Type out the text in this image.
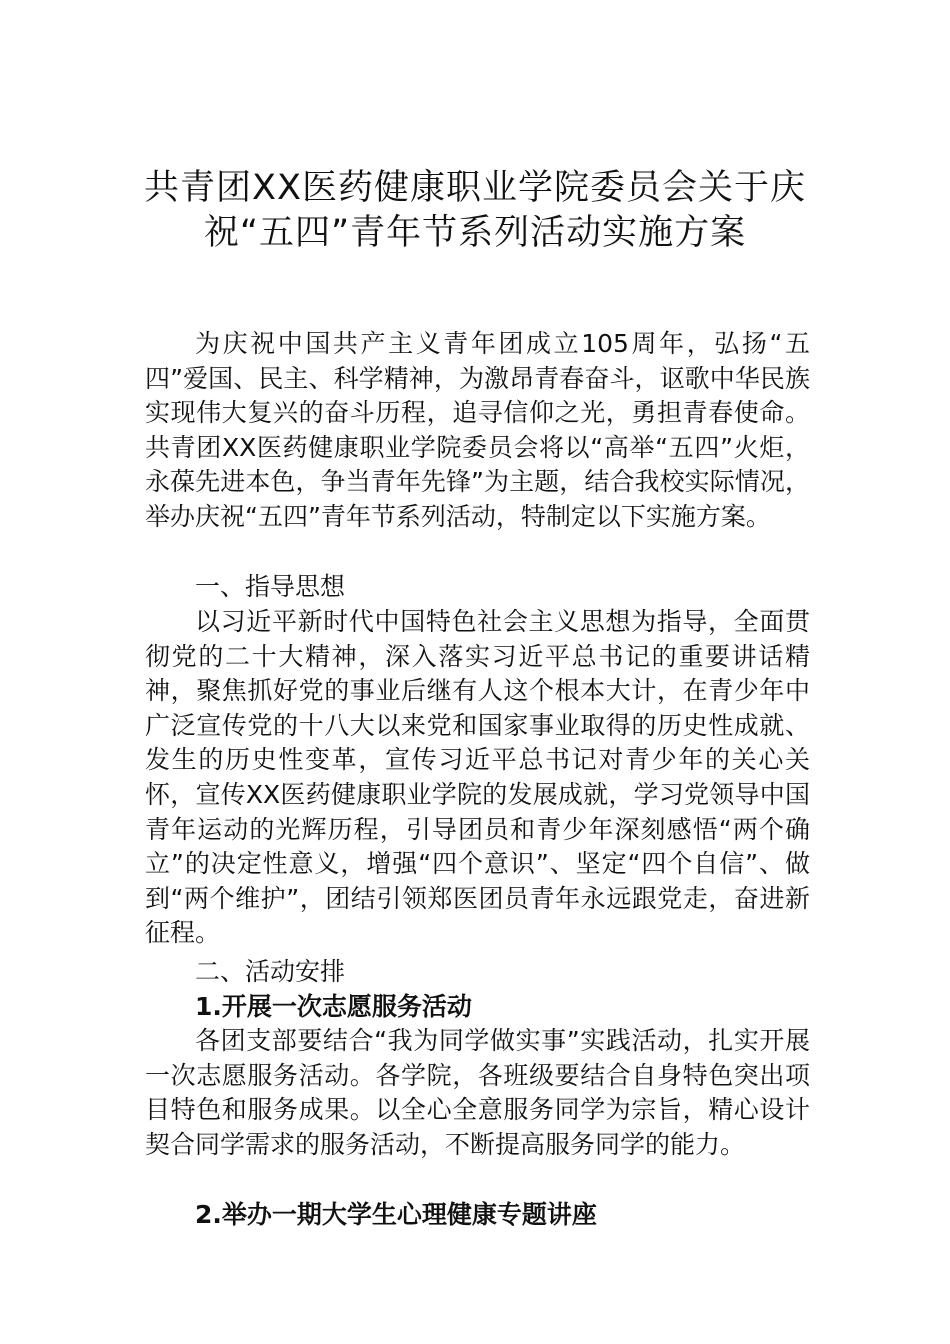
共青团XX医药健康职业学院委员会关于庆
祝“五四”青年节系列活动实施方案

为庆祝中国共产主义青年团成立105周年，弘扬“五四”爱国、民主、科学精神，为激昂青春奋斗，讴歌中华民族实现伟大复兴的奋斗历程，追寻信仰之光，勇担青春使命。共青团XX医药健康职业学院委员会将以“高举“五四”火炬，永葆先进本色，争当青年先锋”为主题，结合我校实际情况，举办庆祝“五四”青年节系列活动，特制定以下实施方案。

一、指导思想

以习近平新时代中国特色社会主义思想为指导，全面贯彻党的二十大精神，深入落实习近平总书记的重要讲话精神，聚焦抓好党的事业后继有人这个根本大计，在青少年中广泛宣传党的十八大以来党和国家事业取得的历史性成就、发生的历史性变革，宣传习近平总书记对青少年的关心关怀，宣传XX医药健康职业学院的发展成就，学习党领导中国青年运动的光辉历程，引导团员和青少年深刻感悟“两个确立”的决定性意义，增强“四个意识”、坚定“四个自信”、做到“两个维护”，团结引领郑医团员青年永远跟党走，奋进新征程。

二、活动安排

1.开展一次志愿服务活动

各团支部要结合“我为同学做实事”实践活动，扎实开展一次志愿服务活动。各学院，各班级要结合自身特色突出项目特色和服务成果。以全心全意服务同学为宗旨，精心设计契合同学需求的服务活动，不断提高服务同学的能力。

2.举办一期大学生心理健康专题讲座
